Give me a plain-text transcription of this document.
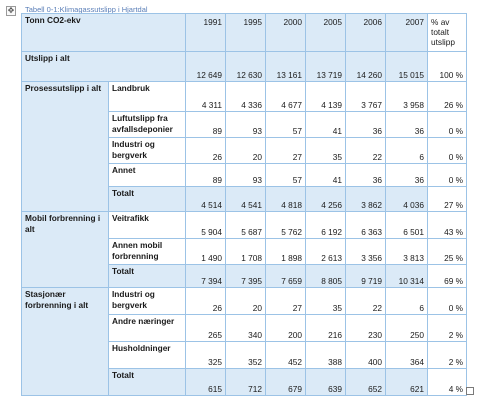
✥ Tabell 0-1:Klimagassutslipp i Hjartdal
Tonn CO2-ekv		1991	1995	2000	2005	2006	2007	% av totalt utslipp
Utslipp i alt		12 649	12 630	13 161	13 719	14 260	15 015	100 %
Prosessutslipp i alt	Landbruk	4 311	4 336	4 677	4 139	3 767	3 958	26 %
	Luftutslipp fra avfallsdeponier	89	93	57	41	36	36	0 %
	Industri og bergverk	26	20	27	35	22	6	0 %
	Annet	89	93	57	41	36	36	0 %
	Totalt	4 514	4 541	4 818	4 256	3 862	4 036	27 %
Mobil forbrenning i alt	Veitrafikk	5 904	5 687	5 762	6 192	6 363	6 501	43 %
	Annen mobil forbrenning	1 490	1 708	1 898	2 613	3 356	3 813	25 %
	Totalt	7 394	7 395	7 659	8 805	9 719	10 314	69 %
Stasjonær forbrenning i alt	Industri og bergverk	26	20	27	35	22	6	0 %
	Andre næringer	265	340	200	216	230	250	2 %
	Husholdninger	325	352	452	388	400	364	2 %
	Totalt	615	712	679	639	652	621	4 %
